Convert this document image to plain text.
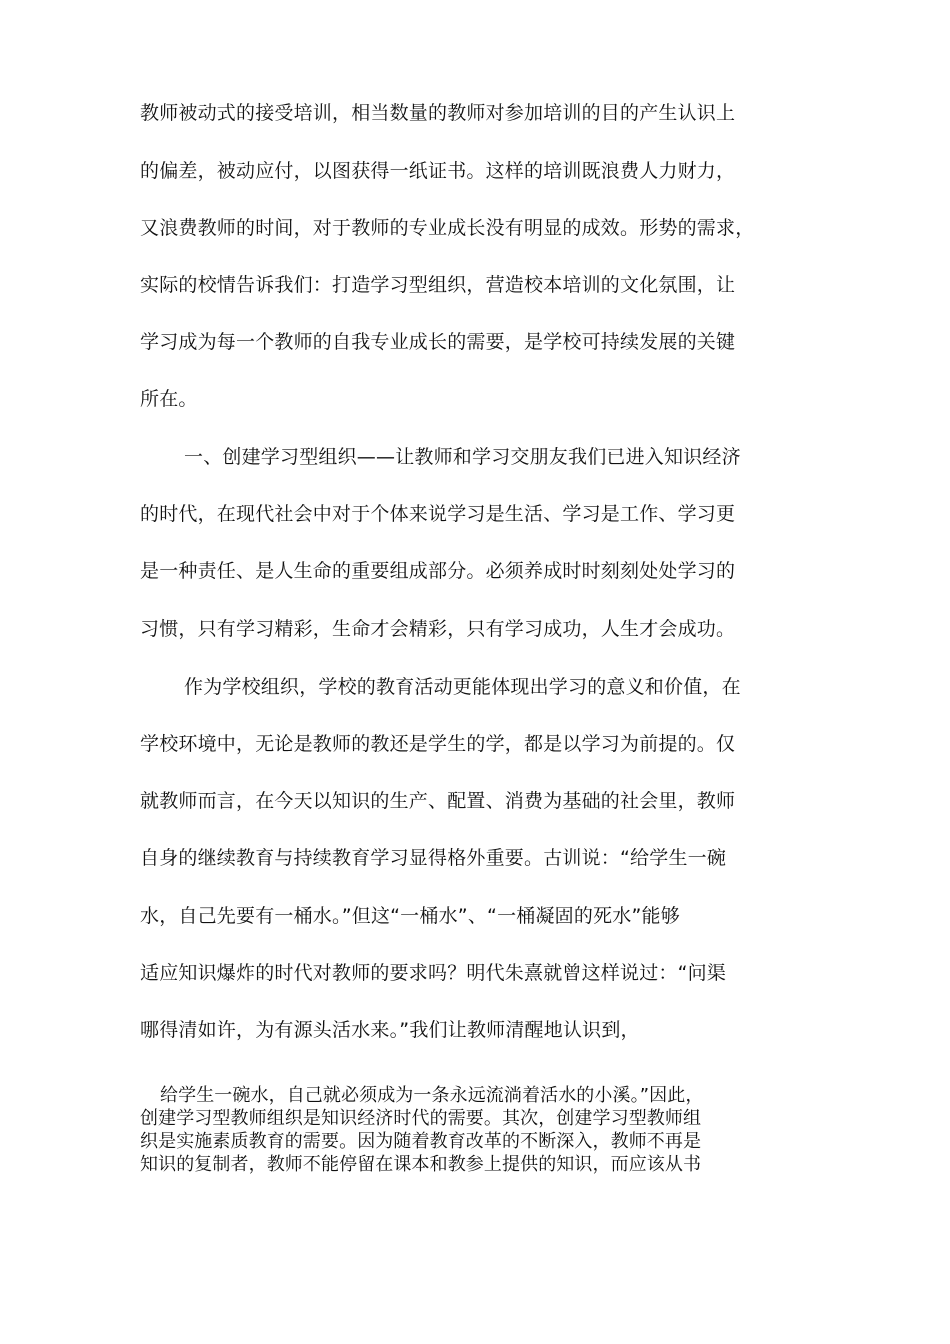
教师被动式的接受培训，相当数量的教师对参加培训的目的产生认识上
的偏差，被动应付，以图获得一纸证书。这样的培训既浪费人力财力，
又浪费教师的时间，对于教师的专业成长没有明显的成效。形势的需求，
实际的校情告诉我们：打造学习型组织，营造校本培训的文化氛围，让
学习成为每一个教师的自我专业成长的需要，是学校可持续发展的关键
所在。
一、创建学习型组织——让教师和学习交朋友我们已进入知识经济
的时代，在现代社会中对于个体来说学习是生活、学习是工作、学习更
是一种责任、是人生命的重要组成部分。必须养成时时刻刻处处学习的
习惯，只有学习精彩，生命才会精彩，只有学习成功，人生才会成功。
作为学校组织，学校的教育活动更能体现出学习的意义和价值，在
学校环境中，无论是教师的教还是学生的学，都是以学习为前提的。仅
就教师而言，在今天以知识的生产、配置、消费为基础的社会里，教师
自身的继续教育与持续教育学习显得格外重要。古训说：“给学生一碗
水，自己先要有一桶水。”但这“一桶水”、“一桶凝固的死水”能够
适应知识爆炸的时代对教师的要求吗？明代朱熹就曾这样说过：“问渠
哪得清如许，为有源头活水来。”我们让教师清醒地认识到，
给学生一碗水，自己就必须成为一条永远流淌着活水的小溪。”因此，
创建学习型教师组织是知识经济时代的需要。其次，创建学习型教师组
织是实施素质教育的需要。因为随着教育改革的不断深入，教师不再是
知识的复制者，教师不能停留在课本和教参上提供的知识，而应该从书
